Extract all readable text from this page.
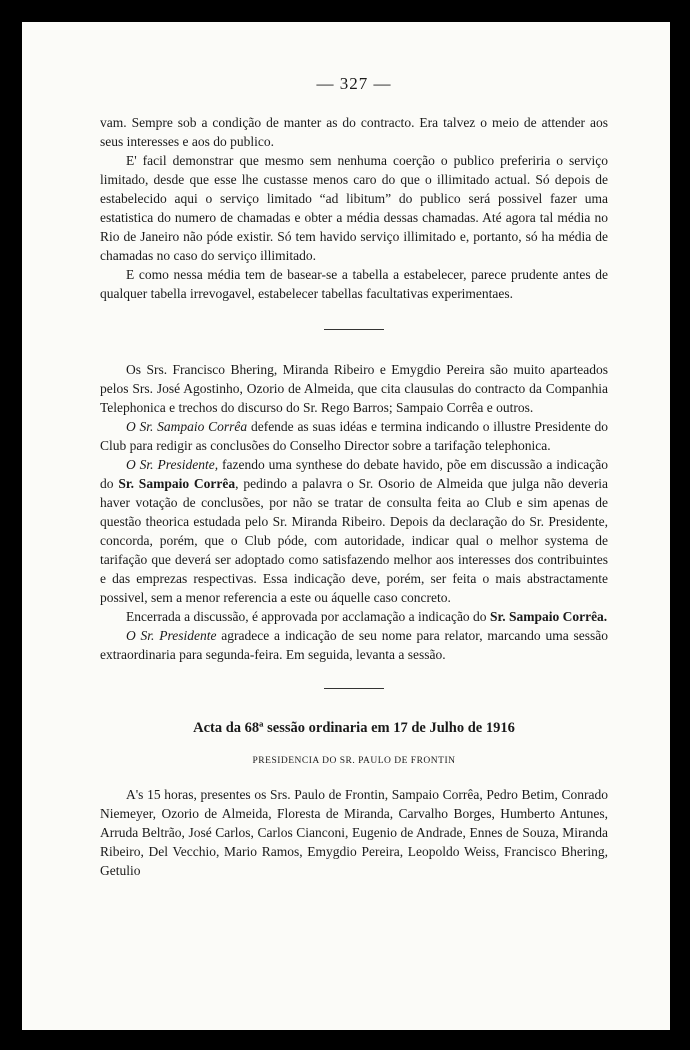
— 327 —

vam. Sempre sob a condição de manter as do contracto. Era talvez o meio de attender aos seus interesses e aos do publico.

E' facil demonstrar que mesmo sem nenhuma coerção o publico preferiria o serviço limitado, desde que esse lhe custasse menos caro do que o illimitado actual. Só depois de estabelecido aqui o serviço limitado “ad libitum” do publico será possivel fazer uma estatistica do numero de chamadas e obter a média dessas chamadas. Até agora tal média no Rio de Janeiro não póde existir. Só tem havido serviço illimitado e, portanto, só ha média de chamadas no caso do serviço illimitado.

E como nessa média tem de basear-se a tabella a estabelecer, parece prudente antes de qualquer tabella irrevogavel, estabelecer tabellas facultativas experimentaes.

Os Srs. Francisco Bhering, Miranda Ribeiro e Emygdio Pereira são muito aparteados pelos Srs. José Agostinho, Ozorio de Almeida, que cita clausulas do contracto da Companhia Telephonica e trechos do discurso do Sr. Rego Barros; Sampaio Corrêa e outros.

O Sr. Sampaio Corrêa defende as suas idéas e termina indicando o illustre Presidente do Club para redigir as conclusões do Conselho Director sobre a tarifação telephonica.

O Sr. Presidente, fazendo uma synthese do debate havido, põe em discussão a indicação do Sr. Sampaio Corrêa, pedindo a palavra o Sr. Osorio de Almeida que julga não deveria haver votação de conclusões, por não se tratar de consulta feita ao Club e sim apenas de questão theorica estudada pelo Sr. Miranda Ribeiro. Depois da declaração do Sr. Presidente, concorda, porém, que o Club póde, com autoridade, indicar qual o melhor systema de tarifação que deverá ser adoptado como satisfazendo melhor aos interesses dos contribuintes e das emprezas respectivas. Essa indicação deve, porém, ser feita o mais abstractamente possivel, sem a menor referencia a este ou áquelle caso concreto.

Encerrada a discussão, é approvada por acclamação a indicação do Sr. Sampaio Corrêa.

O Sr. Presidente agradece a indicação de seu nome para relator, marcando uma sessão extraordinaria para segunda-feira. Em seguida, levanta a sessão.

Acta da 68ª sessão ordinaria em 17 de Julho de 1916
PRESIDENCIA DO SR. PAULO DE FRONTIN

A's 15 horas, presentes os Srs. Paulo de Frontin, Sampaio Corrêa, Pedro Betim, Conrado Niemeyer, Ozorio de Almeida, Floresta de Miranda, Carvalho Borges, Humberto Antunes, Arruda Beltrão, José Carlos, Carlos Cianconi, Eugenio de Andrade, Ennes de Souza, Miranda Ribeiro, Del Vecchio, Mario Ramos, Emygdio Pereira, Leopoldo Weiss, Francisco Bhering, Getulio
